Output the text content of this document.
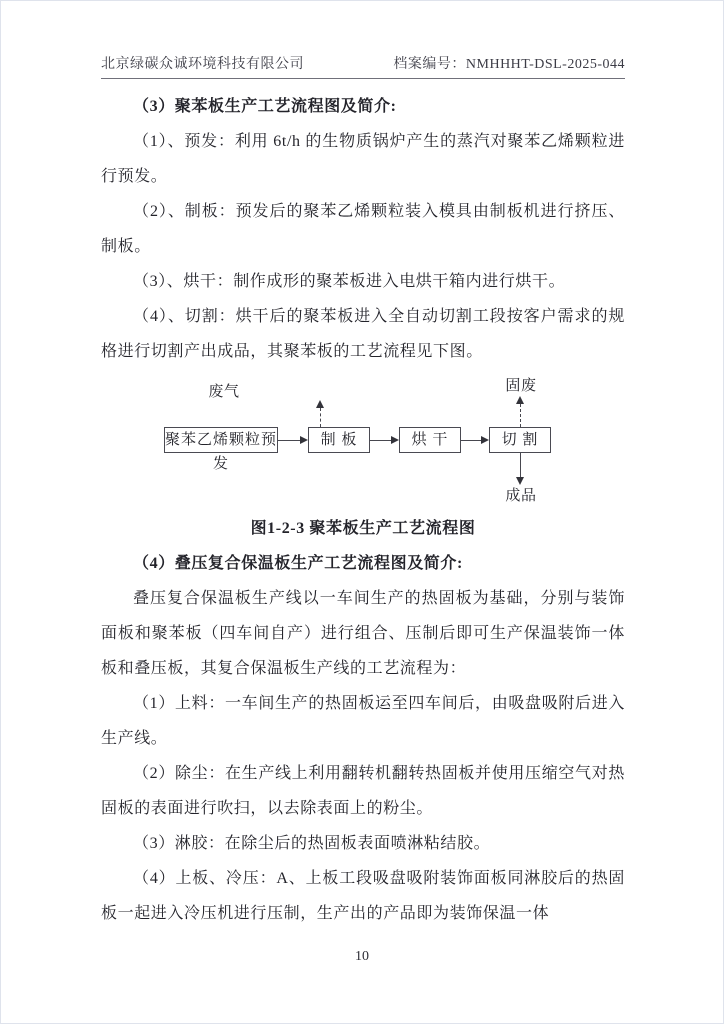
北京绿碳众诚环境科技有限公司	档案编号：NMHHHT-DSL-2025-044

（3）聚苯板生产工艺流程图及简介:

（1）、预发：利用 6t/h 的生物质锅炉产生的蒸汽对聚苯乙烯颗粒进行预发。

（2）、制板：预发后的聚苯乙烯颗粒装入模具由制板机进行挤压、制板。

（3）、烘干：制作成形的聚苯板进入电烘干箱内进行烘干。

（4）、切割：烘干后的聚苯板进入全自动切割工段按客户需求的规格进行切割产出成品，其聚苯板的工艺流程见下图。

废气	固废
成品
聚苯乙烯颗粒预发
制 板	烘 干	切 割

图1-2-3 聚苯板生产工艺流程图

（4）叠压复合保温板生产工艺流程图及简介:

叠压复合保温板生产线以一车间生产的热固板为基础，分别与装饰面板和聚苯板（四车间自产）进行组合、压制后即可生产保温装饰一体板和叠压板，其复合保温板生产线的工艺流程为：

（1）上料：一车间生产的热固板运至四车间后，由吸盘吸附后进入生产线。

（2）除尘：在生产线上利用翻转机翻转热固板并使用压缩空气对热固板的表面进行吹扫，以去除表面上的粉尘。

（3）淋胶：在除尘后的热固板表面喷淋粘结胶。

（4）上板、冷压：A、上板工段吸盘吸附装饰面板同淋胶后的热固板一起进入冷压机进行压制，生产出的产品即为装饰保温一体

10
